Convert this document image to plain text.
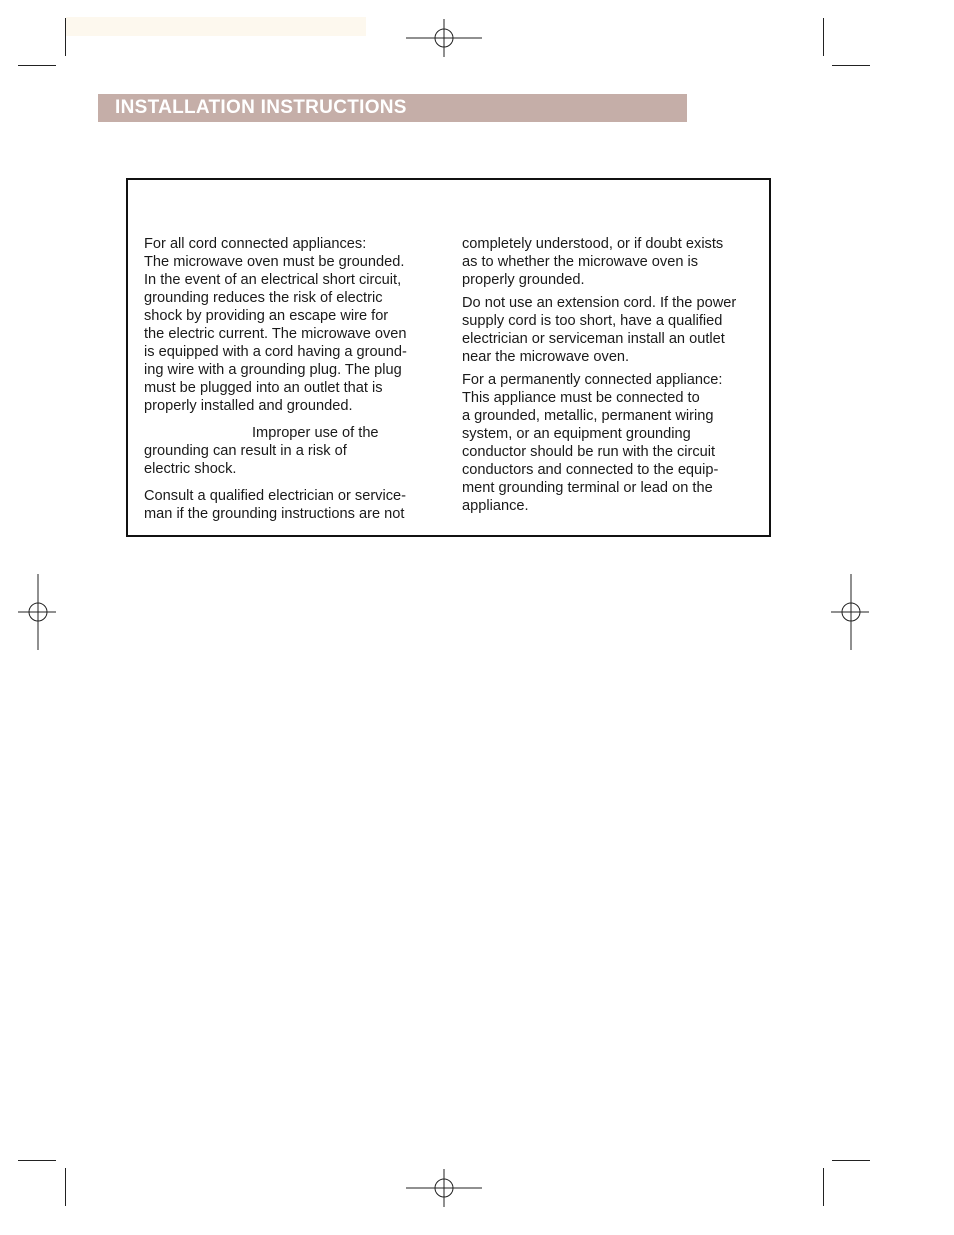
INSTALLATION INSTRUCTIONS
For all cord connected appliances:
The microwave oven must be grounded.
In the event of an electrical short circuit,
grounding reduces the risk of electric
shock by providing an escape wire for
the electric current. The microwave oven
is equipped with a cord having a ground-
ing wire with a grounding plug. The plug
must be plugged into an outlet that is
properly installed and grounded.
Improper use of the
grounding can result in a risk of
electric shock.
Consult a qualified electrician or service-
man if the grounding instructions are not
completely understood, or if doubt exists
as to whether the microwave oven is
properly grounded.
Do not use an extension cord. If the power
supply cord is too short, have a qualified
electrician or serviceman install an outlet
near the microwave oven.
For a permanently connected appliance:
This appliance must be connected to
a grounded, metallic, permanent wiring
system, or an equipment grounding
conductor should be run with the circuit
conductors and connected to the equip-
ment grounding terminal or lead on the
appliance.
